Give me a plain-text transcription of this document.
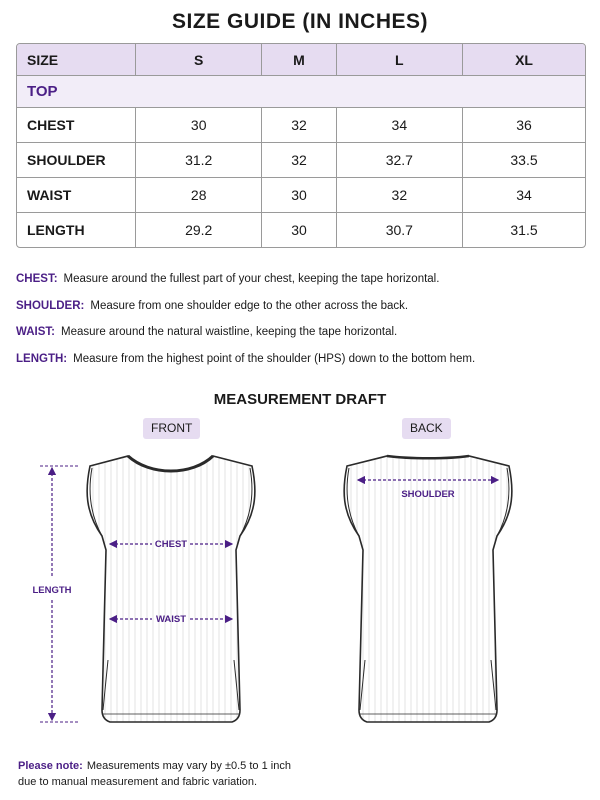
SIZE GUIDE (IN INCHES)
SIZE	S	M	L	XL
TOP				
CHEST	30	32	34	36
SHOULDER	31.2	32	32.7	33.5
WAIST	28	30	32	34
LENGTH	29.2	30	30.7	31.5
CHEST: Measure around the fullest part of your chest, keeping the tape horizontal.
SHOULDER: Measure from one shoulder edge to the other across the back.
WAIST: Measure around the natural waistline, keeping the tape horizontal.
LENGTH: Measure from the highest point of the shoulder (HPS) down to the bottom hem.
MEASUREMENT DRAFT
FRONT	BACK
LENGTH
CHEST
WAIST
SHOULDER
Please note: Measurements may vary by ±0.5 to 1 inch
due to manual measurement and fabric variation.
